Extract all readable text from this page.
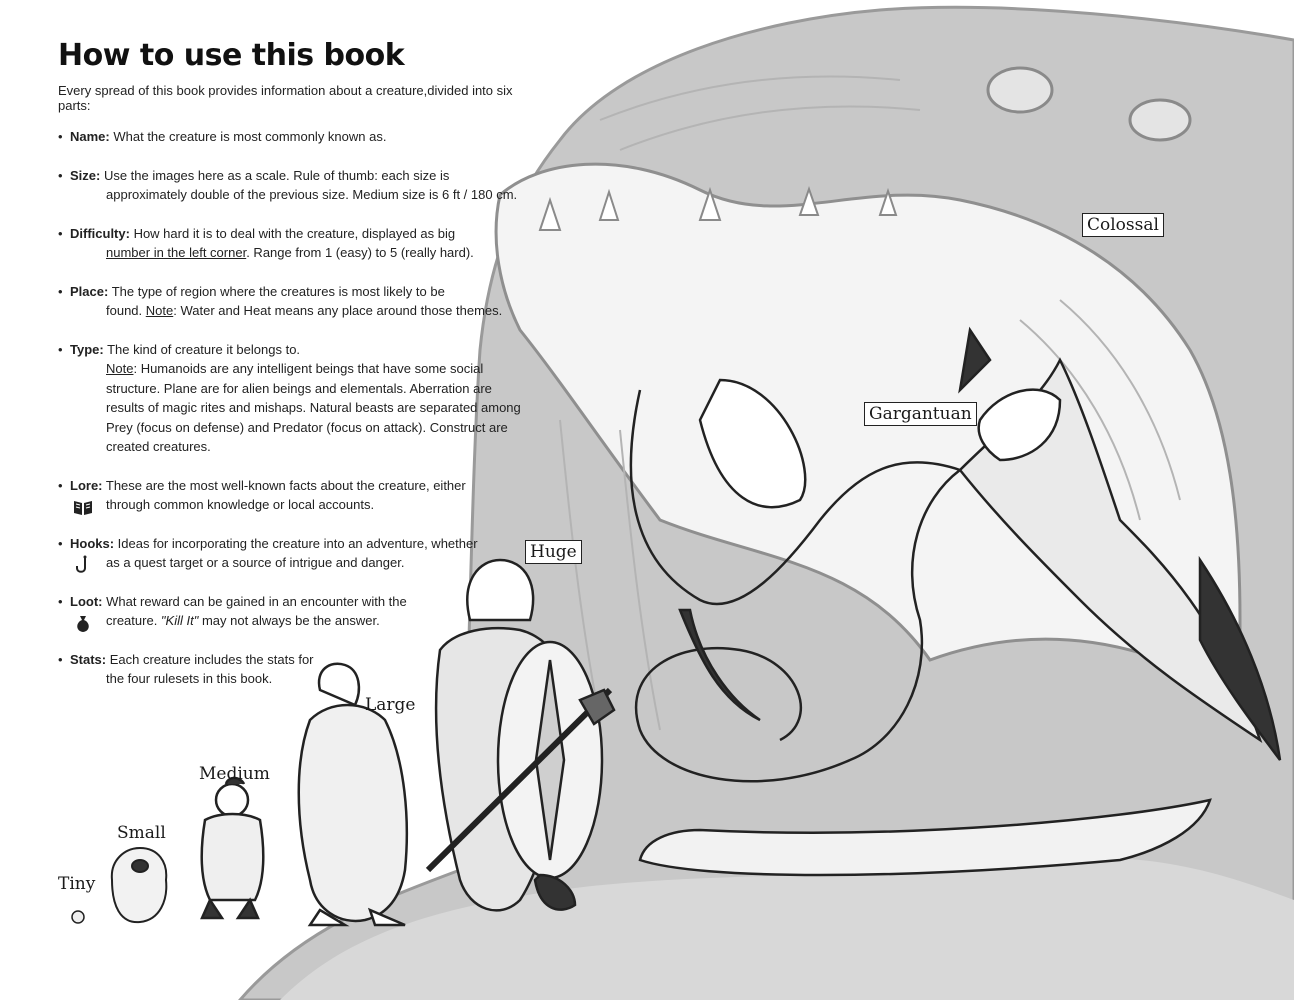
How to use this book

Every spread of this book provides information about a creature,divided into six parts:

• Name: What the creature is most commonly known as.
• Size: Use the images here as a scale. Rule of thumb: each size is
approximately double of the previous size. Medium size is 6 ft / 180 cm.
• Difficulty: How hard it is to deal with the creature, displayed as big
number in the left corner. Range from 1 (easy) to 5 (really hard).
• Place: The type of region where the creatures is most likely to be
found. Note: Water and Heat means any place around those themes.
• Type: The kind of creature it belongs to.
Note: Humanoids are any intelligent beings that have some social structure. Plane are for alien beings and elementals. Aberration are results of magic rites and mishaps. Natural beasts are separated among Prey (focus on defense) and Predator (focus on attack). Construct are created creatures.
• Lore: These are the most well-known facts about the creature, either
through common knowledge or local accounts.
• Hooks: Ideas for incorporating the creature into an adventure, whether
as a quest target or a source of intrigue and danger.
• Loot: What reward can be gained in an encounter with the
creature. "Kill It" may not always be the answer.
• Stats: Each creature includes the stats for
the four rulesets in this book.
Tiny
Small
Medium
Large
Huge
Gargantuan
Colossal
